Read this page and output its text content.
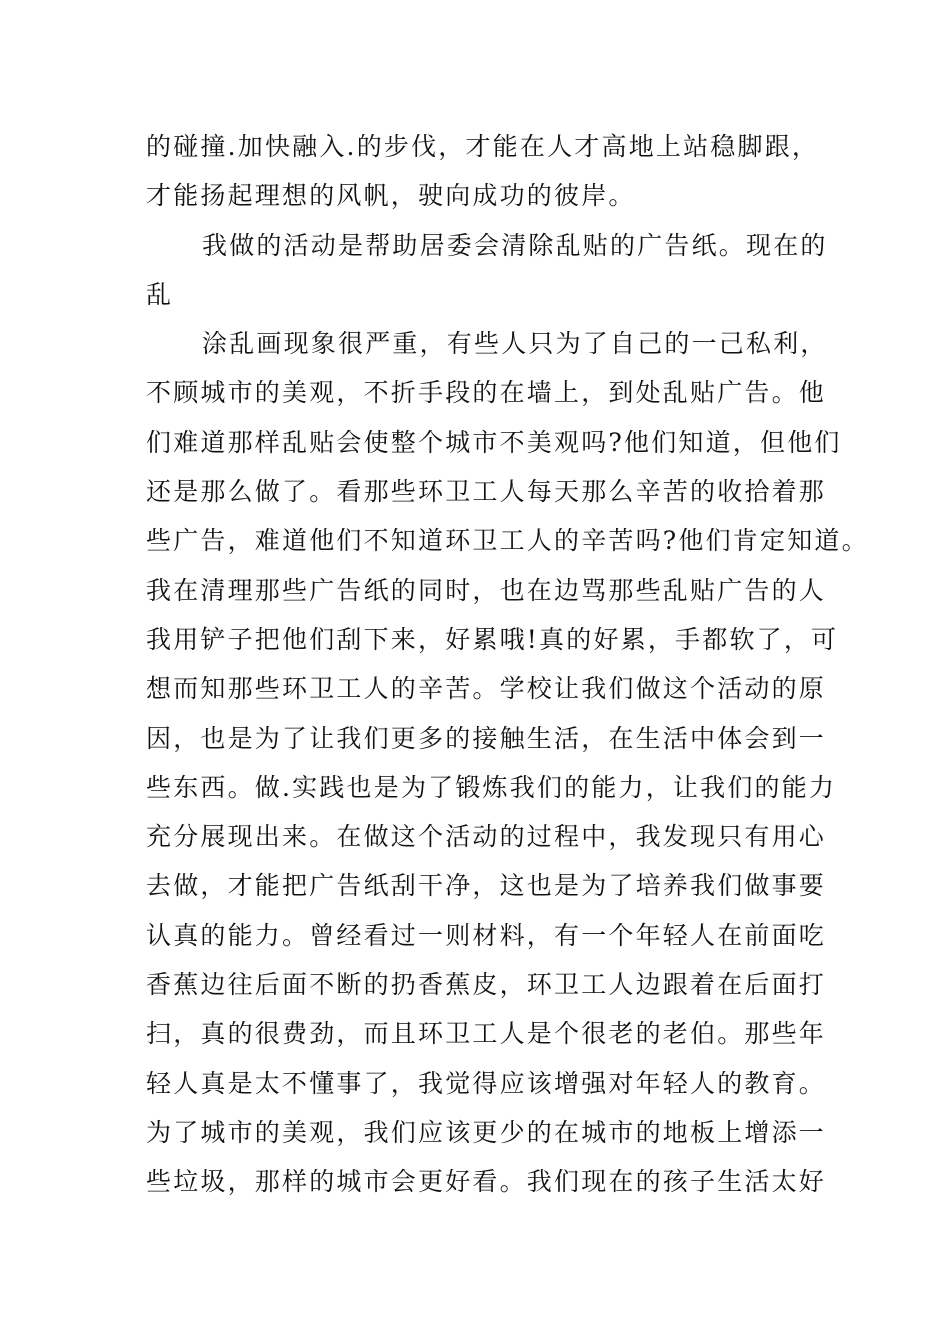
的碰撞.加快融入.的步伐，才能在人才高地上站稳脚跟，
才能扬起理想的风帆，驶向成功的彼岸。
我做的活动是帮助居委会清除乱贴的广告纸。现在的
乱
涂乱画现象很严重，有些人只为了自己的一己私利，
不顾城市的美观，不折手段的在墙上，到处乱贴广告。他
们难道那样乱贴会使整个城市不美观吗?他们知道，但他们
还是那么做了。看那些环卫工人每天那么辛苦的收拾着那
些广告，难道他们不知道环卫工人的辛苦吗?他们肯定知道。
我在清理那些广告纸的同时，也在边骂那些乱贴广告的人
我用铲子把他们刮下来，好累哦!真的好累，手都软了，可
想而知那些环卫工人的辛苦。学校让我们做这个活动的原
因，也是为了让我们更多的接触生活，在生活中体会到一
些东西。做.实践也是为了锻炼我们的能力，让我们的能力
充分展现出来。在做这个活动的过程中，我发现只有用心
去做，才能把广告纸刮干净，这也是为了培养我们做事要
认真的能力。曾经看过一则材料，有一个年轻人在前面吃
香蕉边往后面不断的扔香蕉皮，环卫工人边跟着在后面打
扫，真的很费劲，而且环卫工人是个很老的老伯。那些年
轻人真是太不懂事了，我觉得应该增强对年轻人的教育。
为了城市的美观，我们应该更少的在城市的地板上增添一
些垃圾，那样的城市会更好看。我们现在的孩子生活太好
